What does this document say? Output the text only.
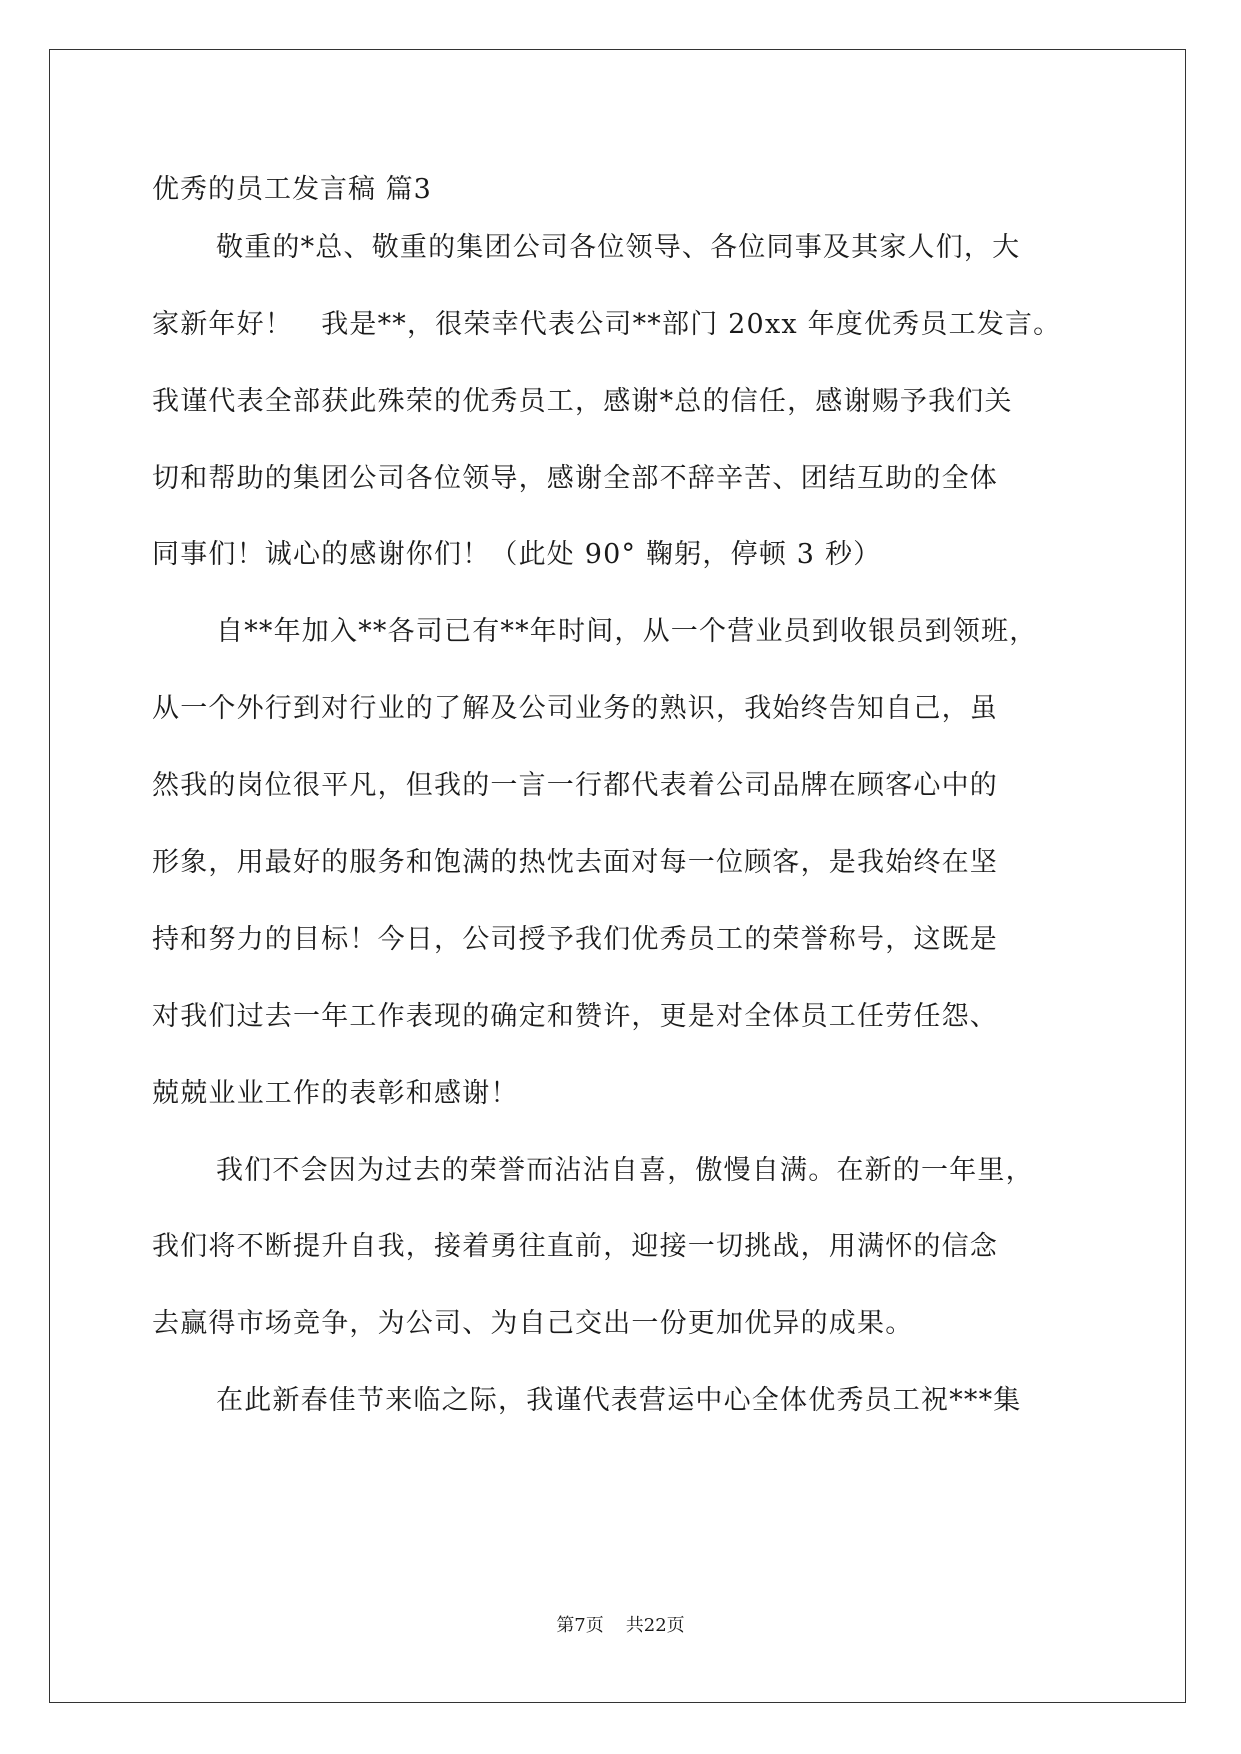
优秀的员工发言稿 篇3
敬重的*总、敬重的集团公司各位领导、各位同事及其家人们，大
家新年好！　我是**，很荣幸代表公司**部门 20xx 年度优秀员工发言。
我谨代表全部获此殊荣的优秀员工，感谢*总的信任，感谢赐予我们关
切和帮助的集团公司各位领导，感谢全部不辞辛苦、团结互助的全体
同事们！诚心的感谢你们！（此处 90° 鞠躬，停顿 3 秒）
自**年加入**各司已有**年时间，从一个营业员到收银员到领班，
从一个外行到对行业的了解及公司业务的熟识，我始终告知自己，虽
然我的岗位很平凡，但我的一言一行都代表着公司品牌在顾客心中的
形象，用最好的服务和饱满的热忱去面对每一位顾客，是我始终在坚
持和努力的目标！今日，公司授予我们优秀员工的荣誉称号，这既是
对我们过去一年工作表现的确定和赞许，更是对全体员工任劳任怨、
兢兢业业工作的表彰和感谢！
我们不会因为过去的荣誉而沾沾自喜，傲慢自满。在新的一年里，
我们将不断提升自我，接着勇往直前，迎接一切挑战，用满怀的信念
去赢得市场竞争，为公司、为自己交出一份更加优异的成果。
在此新春佳节来临之际，我谨代表营运中心全体优秀员工祝***集
第7页 共22页
